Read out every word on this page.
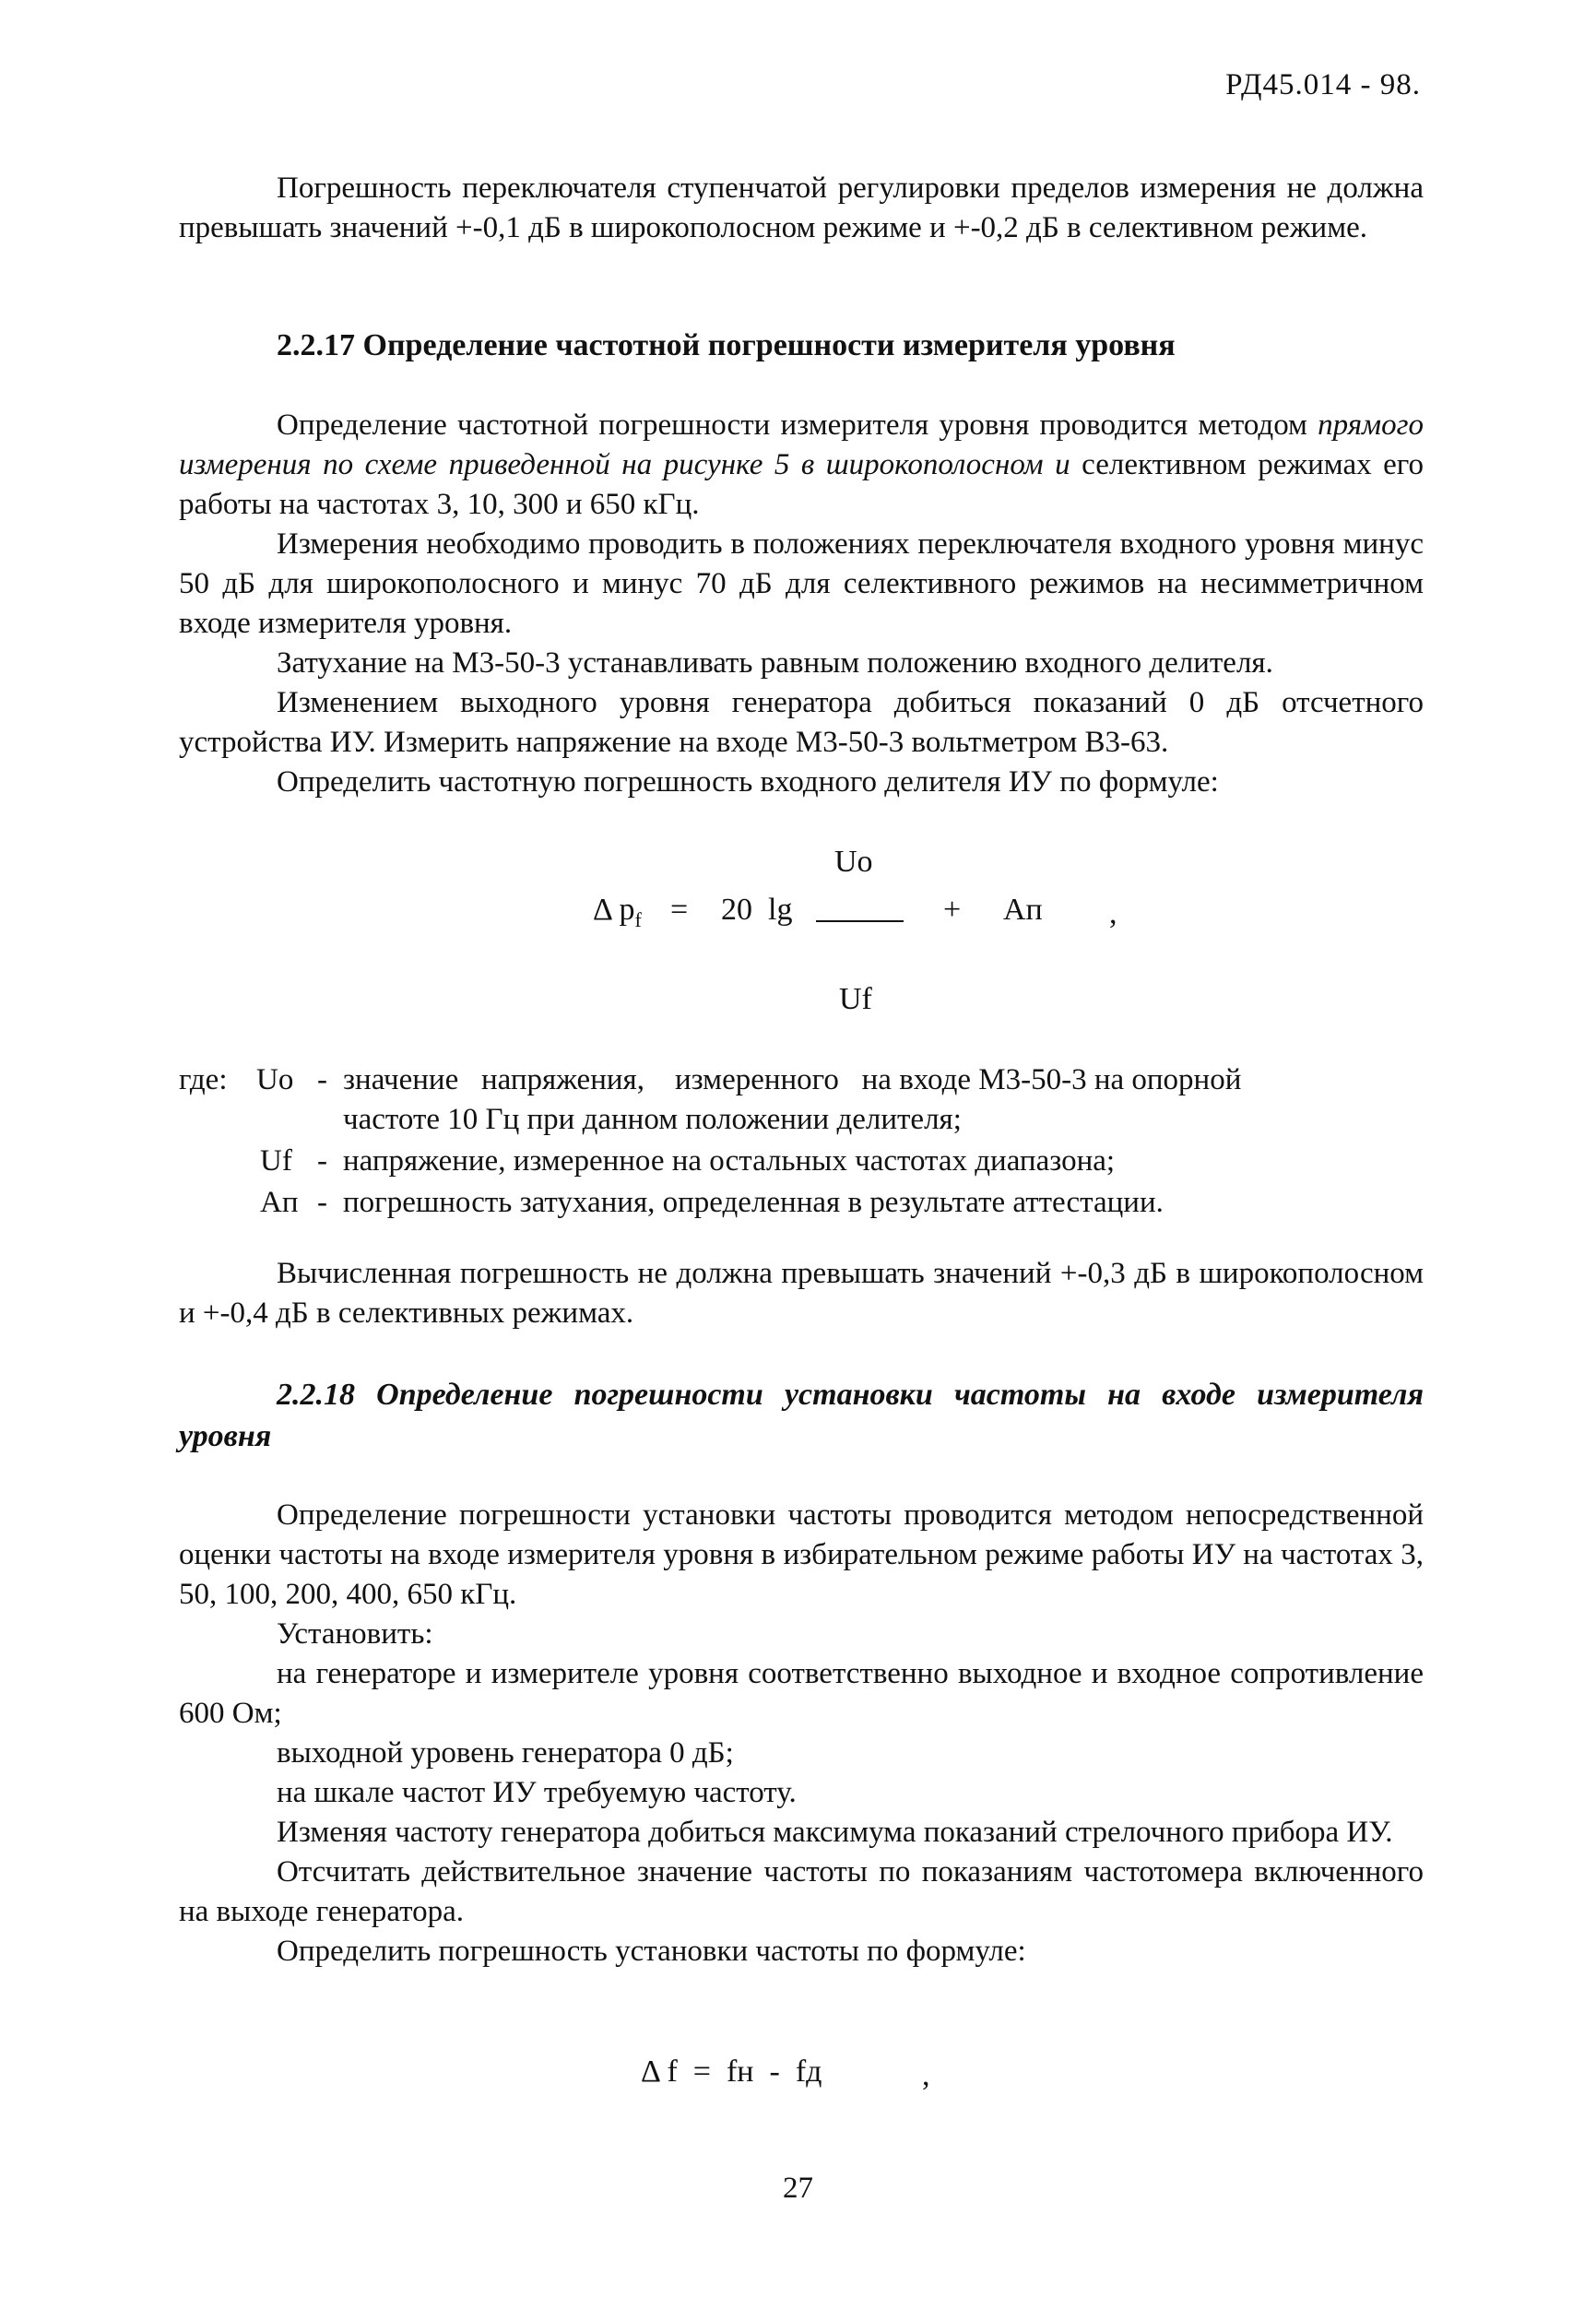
РД45.014 - 98.

Погрешность переключателя ступенчатой регулировки пределов измерения не должна превышать значений +-0,1 дБ в широкополосном режиме и +-0,2 дБ в селективном режиме.

2.2.17 Определение частотной погрешности измерителя уровня

Определение частотной погрешности измерителя уровня проводится методом прямого измерения по схеме приведенной на рисунке 5 в широкополосном и селективном режимах его работы на частотах 3, 10, 300 и 650 кГц.

Измерения необходимо проводить в положениях переключателя входного уровня минус 50 дБ для широкополосного и минус 70 дБ для селективного режимов на несимметричном входе измерителя уровня.

Затухание на М3-50-3 устанавливать равным положению входного делителя.

Изменением выходного уровня генератора добиться показаний 0 дБ отсчетного устройства ИУ. Измерить напряжение на входе М3-50-3 вольтметром В3-63.

Определить частотную погрешность входного делителя ИУ по формуле:

Uo
Δ $p_f = 20$  lg	+ Ап ,
Uf
где: Uo - значение   напряжения,    измеренного   на входе М3-50-3 на опорной
частоте 10 Гц при данном положении делителя;
Uf - напряжение, измеренное на остальных частотах диапазона;
Ап - погрешность затухания, определенная в результате аттестации.

Вычисленная погрешность не должна превышать значений +-0,3 дБ в широкополосном и +-0,4 дБ в селективных режимах.

2.2.18 Определение погрешности установки частоты на входе измерителя уровня

Определение погрешности установки частоты проводится методом непосредственной оценки частоты на входе измерителя уровня в избирательном режиме работы ИУ на частотах 3, 50, 100, 200, 400, 650 кГц.

Установить:

на генераторе и измерителе уровня соответственно выходное и входное сопротивление 600 Ом;

выходной уровень генератора 0 дБ;

на шкале частот ИУ требуемую частоту.

Изменяя частоту генератора добиться максимума показаний стрелочного прибора ИУ.

Отсчитать действительное значение частоты по показаниям частотомера включенного на выходе генератора.

Определить погрешность установки частоты по формуле:

Δ f  =  fн  -  fд	,
27
